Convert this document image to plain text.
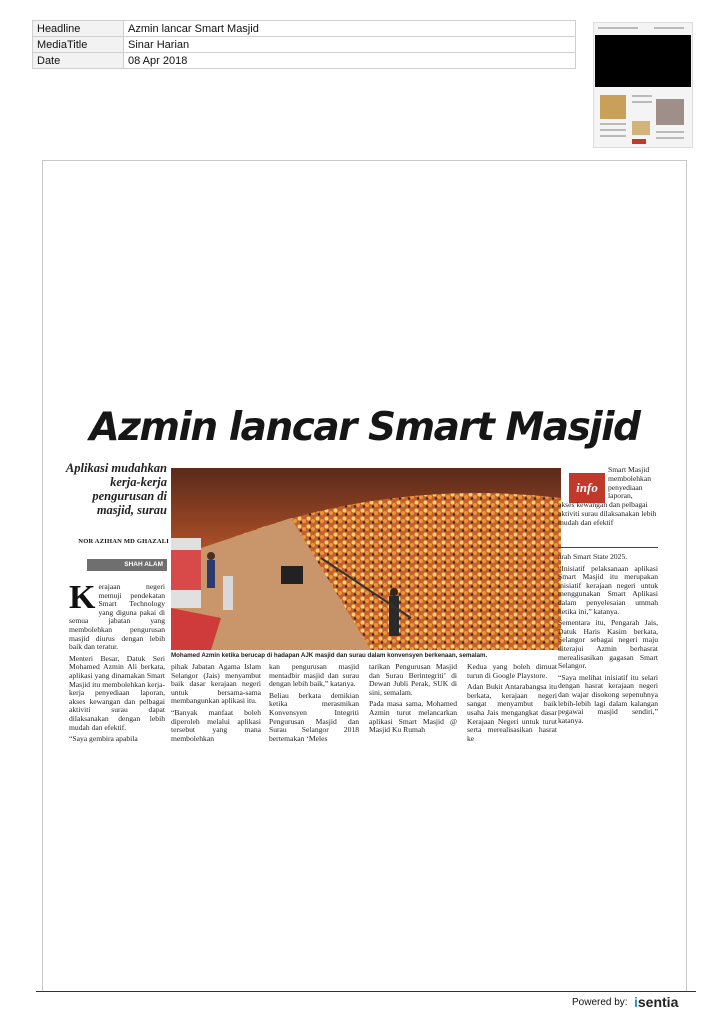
Headline	Azmin lancar Smart Masjid
MediaTitle	Sinar Harian
Date	08 Apr 2018
Azmin lancar Smart Masjid
Aplikasi mudahkan kerja-kerja pengurusan di masjid, surau
NOR AZIHAN MD GHAZALI
SHAH ALAM

Kerajaan negeri memuji pendekatan Smart Technology yang diguna pakai di semua jabatan yang membolehkan pengurusan masjid diurus dengan lebih baik dan teratur.

Menteri Besar, Datuk Seri Mohamed Azmin Ali berkata, aplikasi yang dinamakan Smart Masjid itu membolehkan kerja-kerja penyediaan laporan, akses kewangan dan pelbagai aktiviti surau dapat dilaksanakan dengan lebih mudah dan efektif.

“Saya gembira apabila

Mohamed Azmin ketika berucap di hadapan AJK masjid dan surau dalam konvensyen berkenaan, semalam.

pihak Jabatan Agama Islam Selangor (Jais) menyambut baik dasar kerajaan negeri untuk bersama-sama membangunkan aplikasi itu.

“Banyak manfaat boleh diperoleh melalui aplikasi tersebut yang mana membolehkan

kan pengurusan masjid mentadbir masjid dan surau dengan lebih baik,” katanya.

Beliau berkata demikian ketika merasmikan Konvensyen Integriti Pengurusan Masjid dan Surau Selangor 2018 bertemakan ‘Meles

tarikan Pengurusan Masjid dan Surau Berintegriti’ di Dewan Jubli Perak, SUK di sini, semalam.

Pada masa sama, Mohamed Azmin turut melancarkan aplikasi Smart Masjid @ Masjid Ku Rumah

Kedua yang boleh dimuat turun di Google Playstore.

Adan Bukit Antarabangsa itu berkata, kerajaan negeri sangat menyambut baik usaha Jais mengangkat dasar Kerajaan Negeri untuk turut serta merealisasikan hasrat ke

info
Smart Masjid membolehkan penyediaan laporan,
akses kewangan dan pelbagai aktiviti surau dilaksanakan lebih mudah dan efektif

arah Smart State 2025.

“Inisiatif pelaksanaan aplikasi Smart Masjid itu merupakan inisiatif kerajaan negeri untuk menggunakan Smart Aplikasi dalam penyelesaian ummah ketika ini,” katanya.

Sementara itu, Pengarah Jais, Datuk Haris Kasim berkata, Selangor sebagai negeri maju diterajui Azmin berhasrat merealisasikan gagasan Smart Selangor.

“Saya melihat inisiatif itu selari dengan hasrat kerajaan negeri dan wajar disokong sepenuhnya lebih-lebih lagi dalam kalangan pegawai masjid sendiri,” katanya.

Powered by: isentia
